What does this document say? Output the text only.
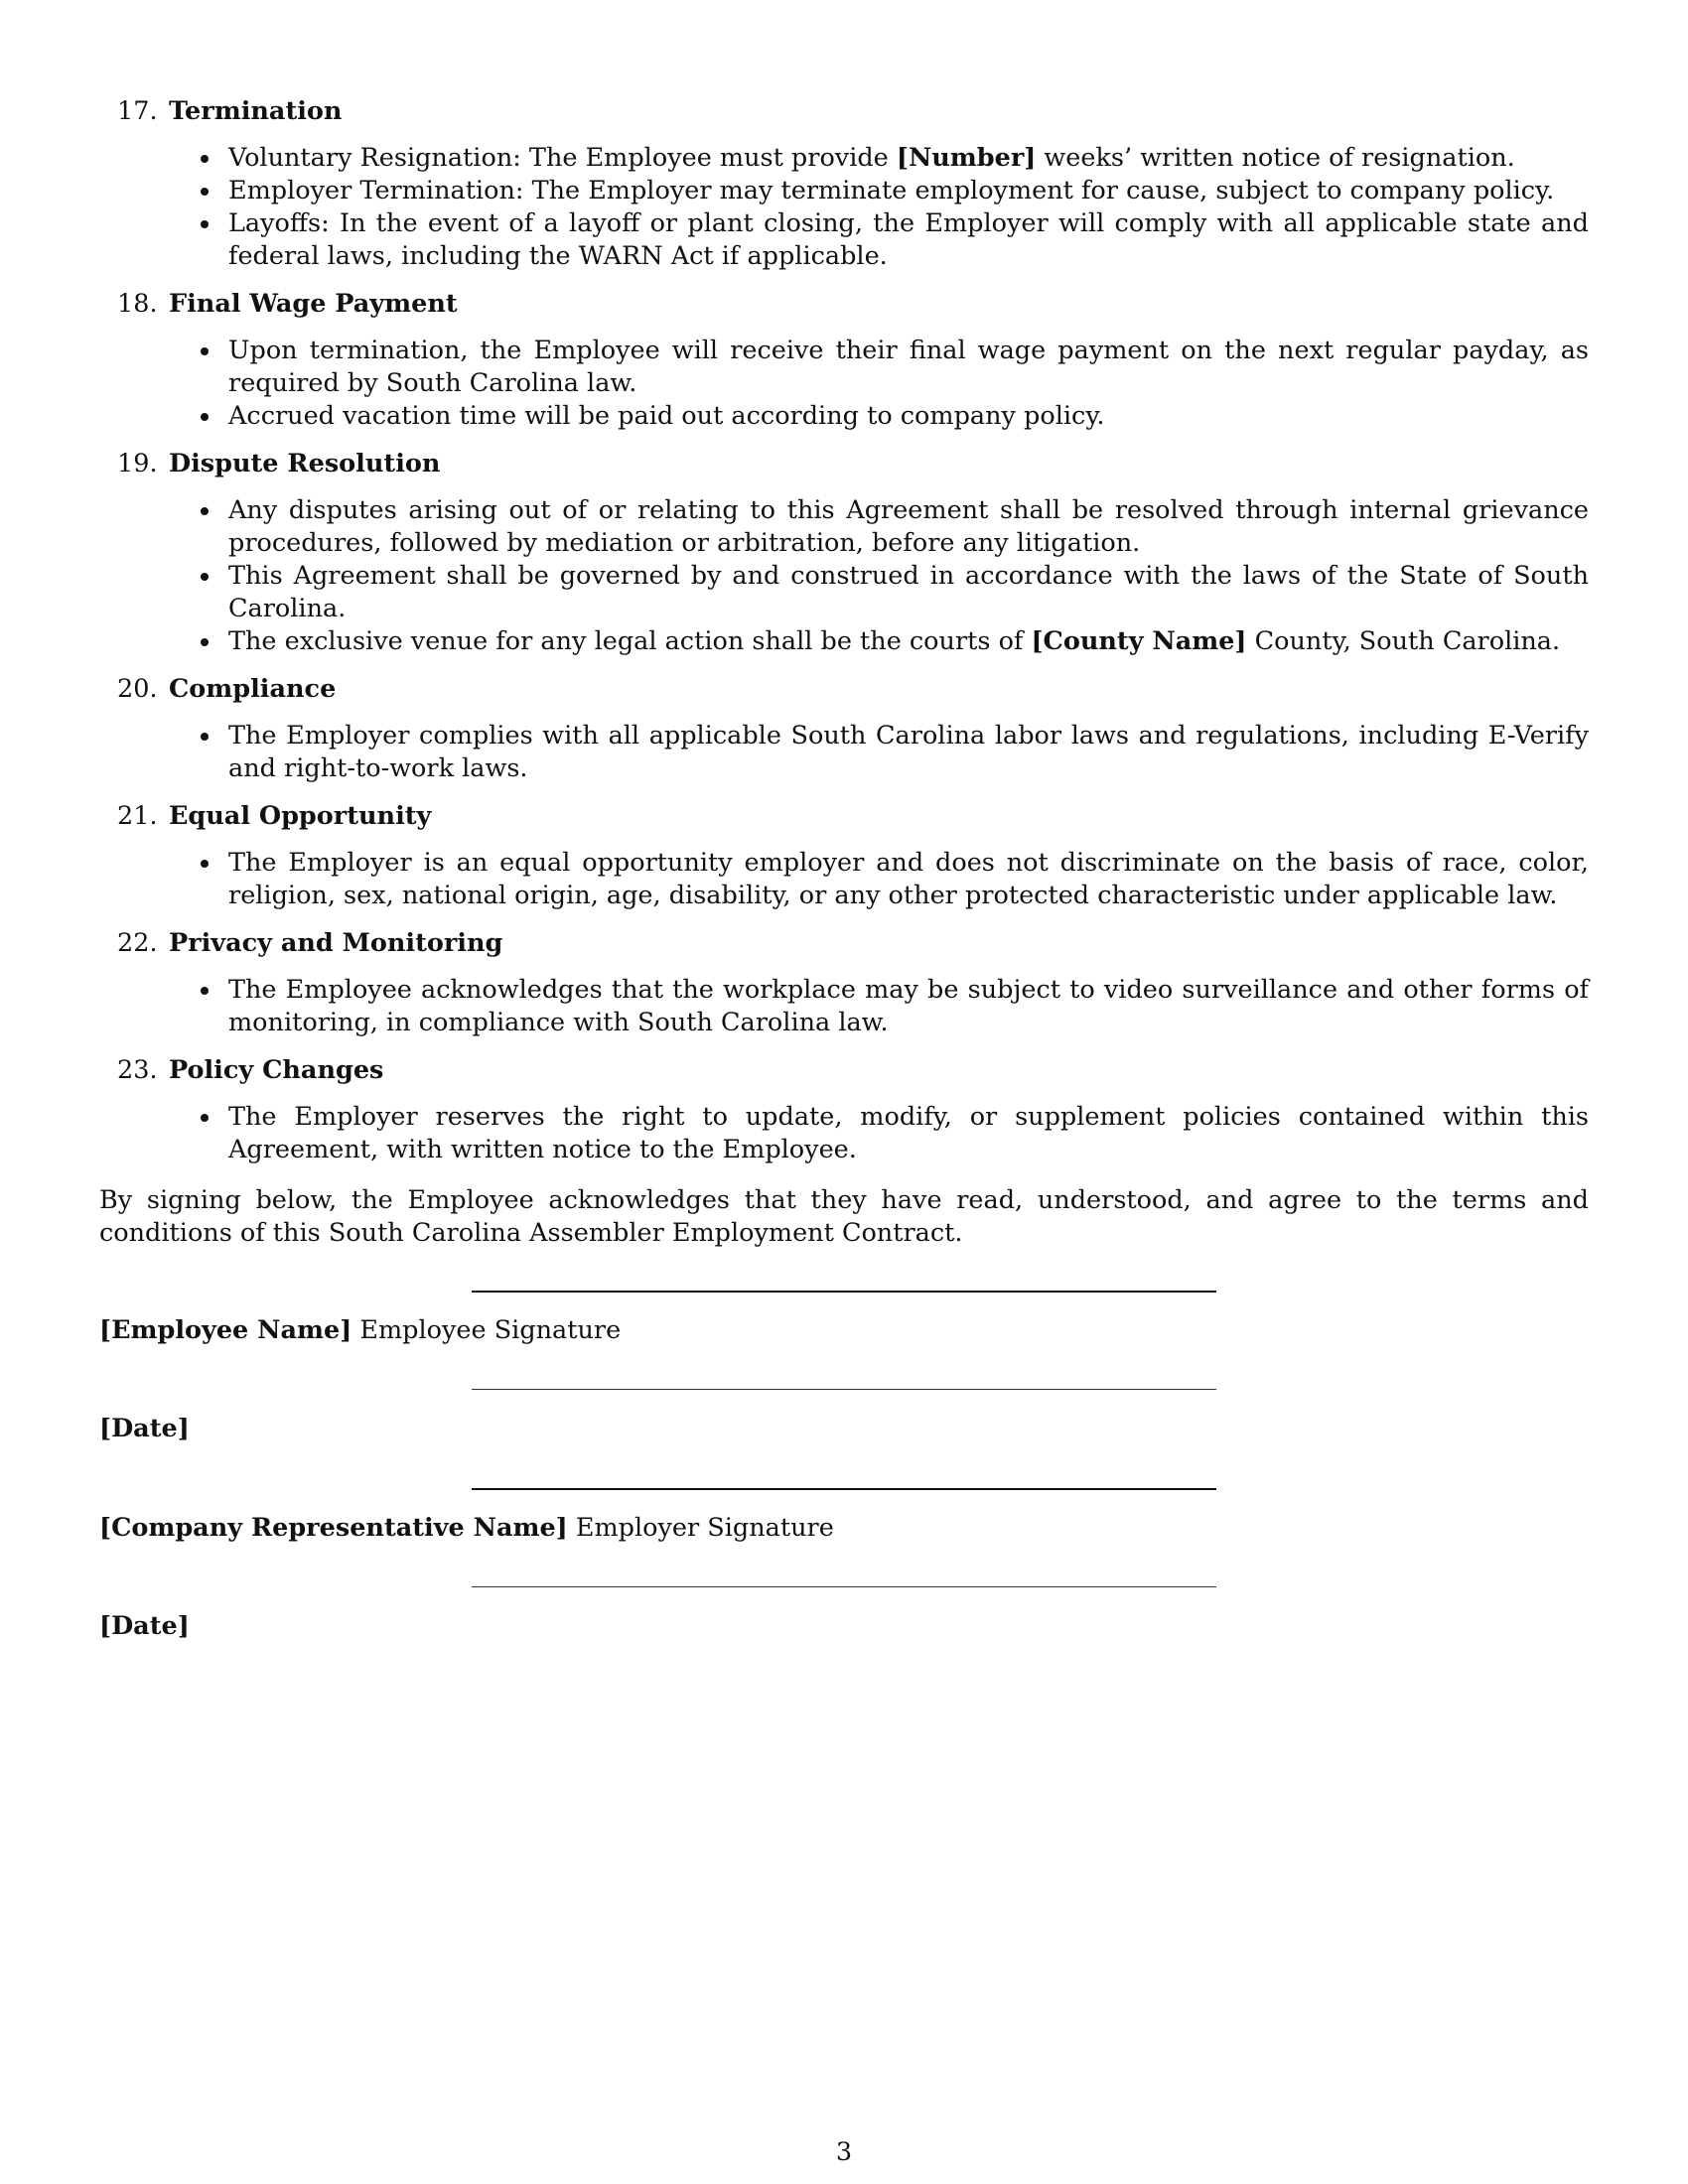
17. Termination
Voluntary Resignation: The Employee must provide [Number] weeks’ written notice of resignation.
Employer Termination: The Employer may terminate employment for cause, subject to company policy.
Layoffs: In the event of a layoff or plant closing, the Employer will comply with all applicable state and federal laws, including the WARN Act if applicable.
18. Final Wage Payment
Upon termination, the Employee will receive their final wage payment on the next regular payday, as required by South Carolina law.
Accrued vacation time will be paid out according to company policy.
19. Dispute Resolution
Any disputes arising out of or relating to this Agreement shall be resolved through internal grievance procedures, followed by mediation or arbitration, before any litigation.
This Agreement shall be governed by and construed in accordance with the laws of the State of South Carolina.
The exclusive venue for any legal action shall be the courts of [County Name] County, South Carolina.
20. Compliance
The Employer complies with all applicable South Carolina labor laws and regulations, including E-Verify and right-to-work laws.
21. Equal Opportunity
The Employer is an equal opportunity employer and does not discriminate on the basis of race, color, religion, sex, national origin, age, disability, or any other protected characteristic under applicable law.
22. Privacy and Monitoring
The Employee acknowledges that the workplace may be subject to video surveillance and other forms of monitoring, in compliance with South Carolina law.
23. Policy Changes
The Employer reserves the right to update, modify, or supplement policies contained within this Agreement, with written notice to the Employee.
By signing below, the Employee acknowledges that they have read, understood, and agree to the terms and conditions of this South Carolina Assembler Employment Contract.
[Employee Name] Employee Signature
[Date]
[Company Representative Name] Employer Signature
[Date]
3
